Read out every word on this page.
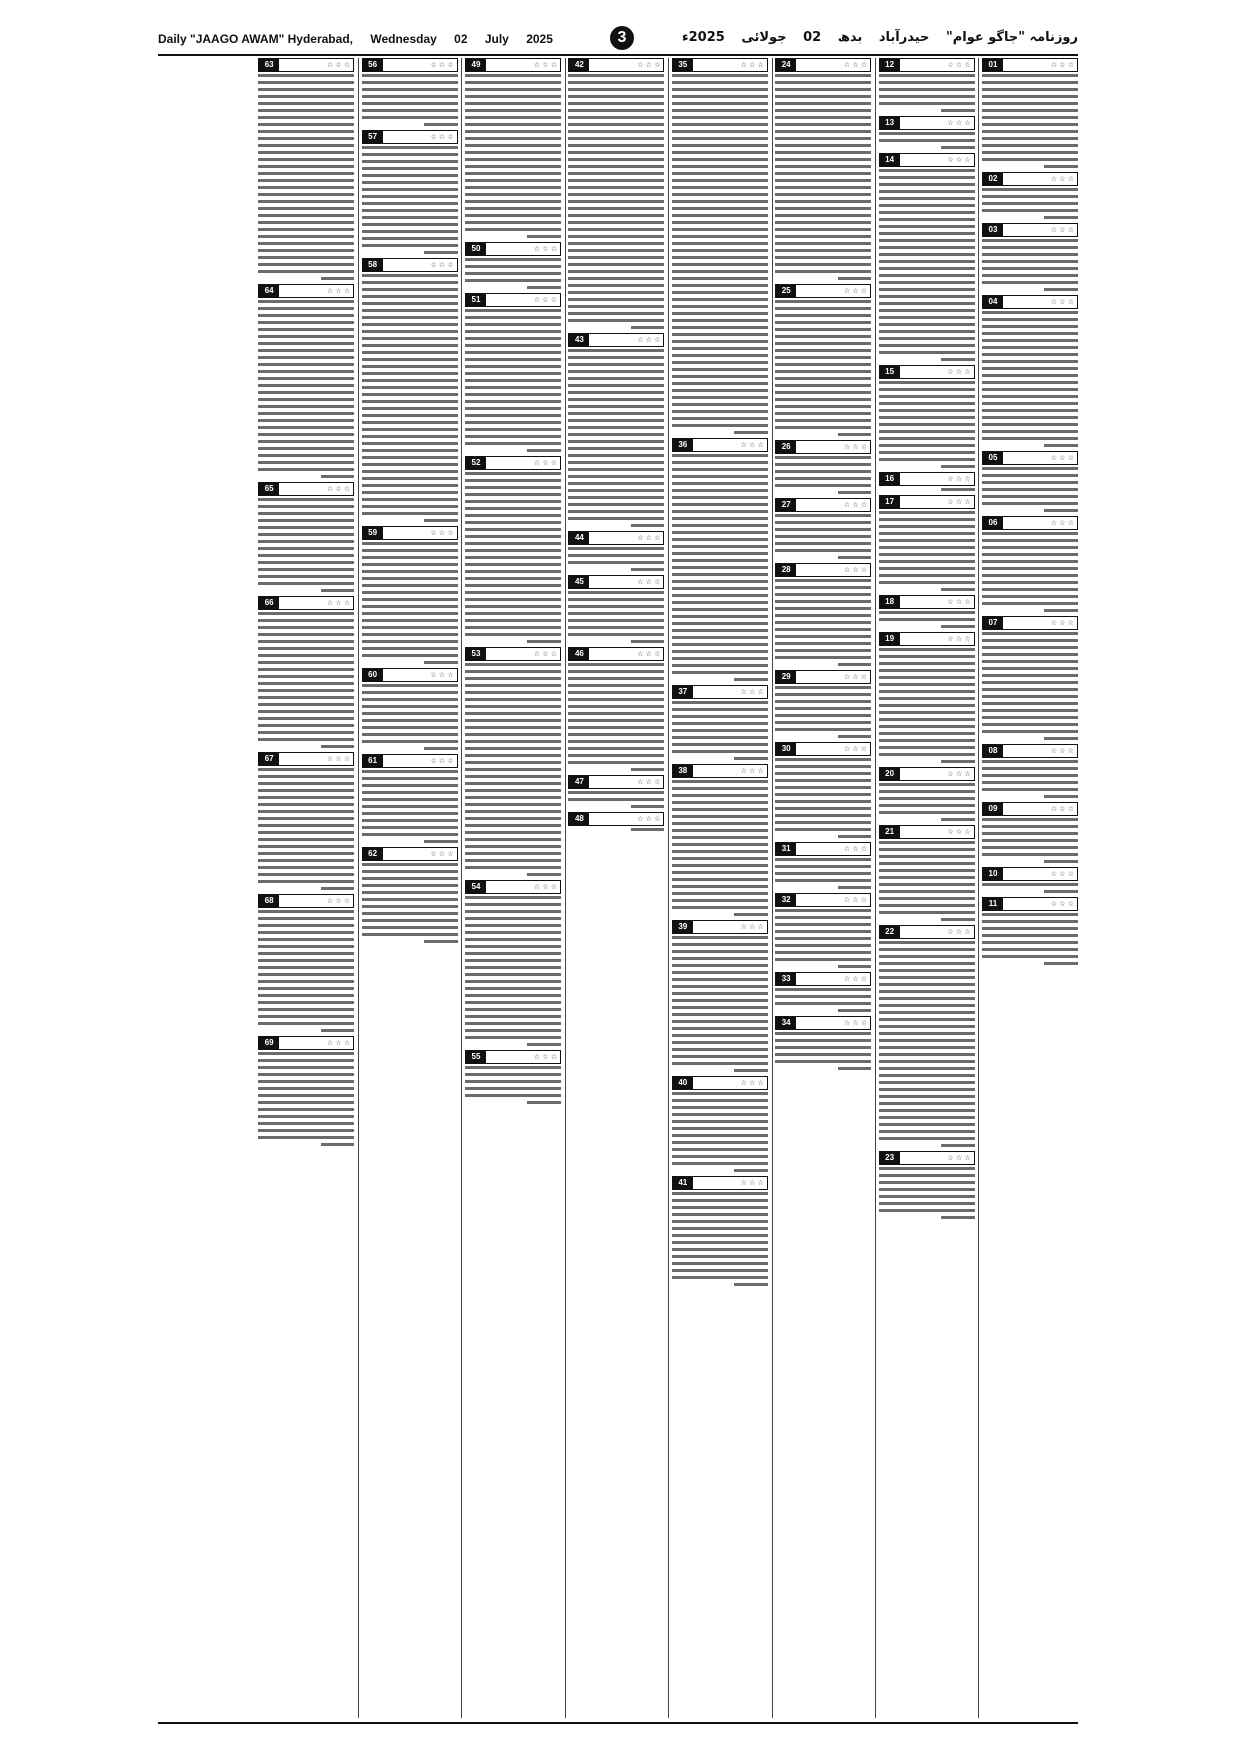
Daily "JAAGO AWAM" Hyderabad, Wednesday 02 July 2025	3	روزنامہ "جاگو عوام" حیدرآباد بدھ 02 جولائی 2025ء
01	☆ ☆ ☆
02	☆ ☆ ☆
03	☆ ☆ ☆
04	☆ ☆ ☆
05	☆ ☆ ☆
06	☆ ☆ ☆
07	☆ ☆ ☆
08	☆ ☆ ☆
09	☆ ☆ ☆
10	☆ ☆ ☆
11	☆ ☆ ☆
12	☆ ☆ ☆
13	☆ ☆ ☆
14	☆ ☆ ☆
15	☆ ☆ ☆
16	☆ ☆ ☆
17	☆ ☆ ☆
18	☆ ☆ ☆
19	☆ ☆ ☆
20	☆ ☆ ☆
21	☆ ☆ ☆
22	☆ ☆ ☆
23	☆ ☆ ☆
24	☆ ☆ ☆
25	☆ ☆ ☆
26	☆ ☆ ☆
27	☆ ☆ ☆
28	☆ ☆ ☆
29	☆ ☆ ☆
30	☆ ☆ ☆
31	☆ ☆ ☆
32	☆ ☆ ☆
33	☆ ☆ ☆
34	☆ ☆ ☆
35	☆ ☆ ☆
36	☆ ☆ ☆
37	☆ ☆ ☆
38	☆ ☆ ☆
39	☆ ☆ ☆
40	☆ ☆ ☆
41	☆ ☆ ☆
42	☆ ☆ ☆
43	☆ ☆ ☆
44	☆ ☆ ☆
45	☆ ☆ ☆
46	☆ ☆ ☆
47	☆ ☆ ☆
48	☆ ☆ ☆
49	☆ ☆ ☆
50	☆ ☆ ☆
51	☆ ☆ ☆
52	☆ ☆ ☆
53	☆ ☆ ☆
54	☆ ☆ ☆
55	☆ ☆ ☆
56	☆ ☆ ☆
57	☆ ☆ ☆
58	☆ ☆ ☆
59	☆ ☆ ☆
60	☆ ☆ ☆
61	☆ ☆ ☆
62	☆ ☆ ☆
63	☆ ☆ ☆
64	☆ ☆ ☆
65	☆ ☆ ☆
66	☆ ☆ ☆
67	☆ ☆ ☆
68	☆ ☆ ☆
69	☆ ☆ ☆
